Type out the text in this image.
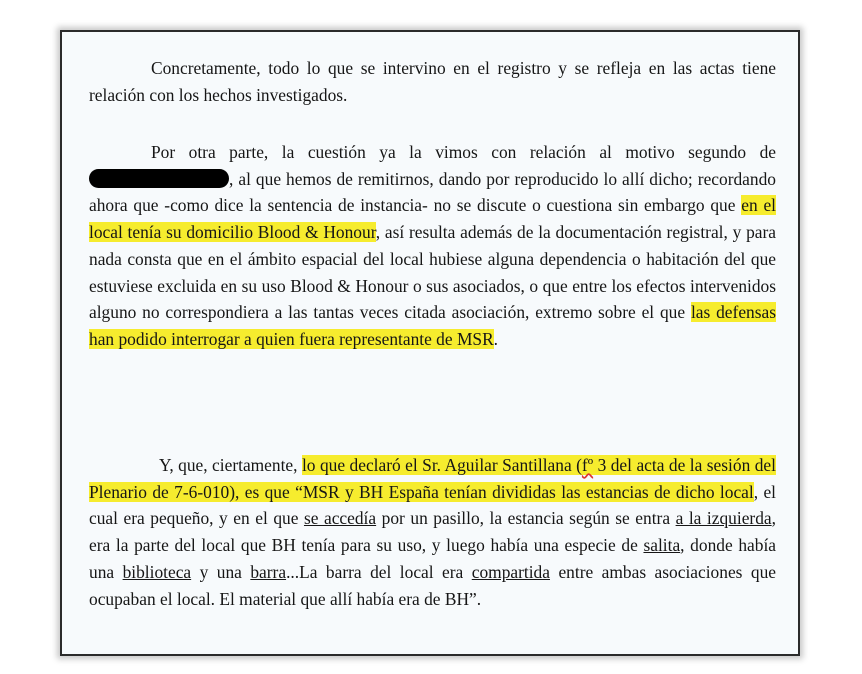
Concretamente, todo lo que se intervino en el registro y se refleja en las actas tiene relación con los hechos investigados.

Por otra parte, la cuestión ya la vimos con relación al motivo segundo de , al que hemos de remitirnos, dando por reproducido lo allí dicho; recordando ahora que -como dice la sentencia de instancia- no se discute o cuestiona sin embargo que en el local tenía su domicilio Blood & Honour, así resulta además de la documentación registral, y para nada consta que en el ámbito espacial del local hubiese alguna dependencia o habitación del que estuviese excluida en su uso Blood & Honour o sus asociados, o que entre los efectos intervenidos alguno no correspondiera a las tantas veces citada asociación, extremo sobre el que las defensas han podido interrogar a quien fuera representante de MSR.

Y, que, ciertamente, lo que declaró el Sr. Aguilar Santillana (fº 3 del acta de la sesión del Plenario de 7-6-010), es que “MSR y BH España tenían divididas las estancias de dicho local, el cual era pequeño, y en el que se accedía por un pasillo, la estancia según se entra a la izquierda, era la parte del local que BH tenía para su uso, y luego había una especie de salita, donde había una biblioteca y una barra...La barra del local era compartida entre ambas asociaciones que ocupaban el local. El material que allí había era de BH”.
